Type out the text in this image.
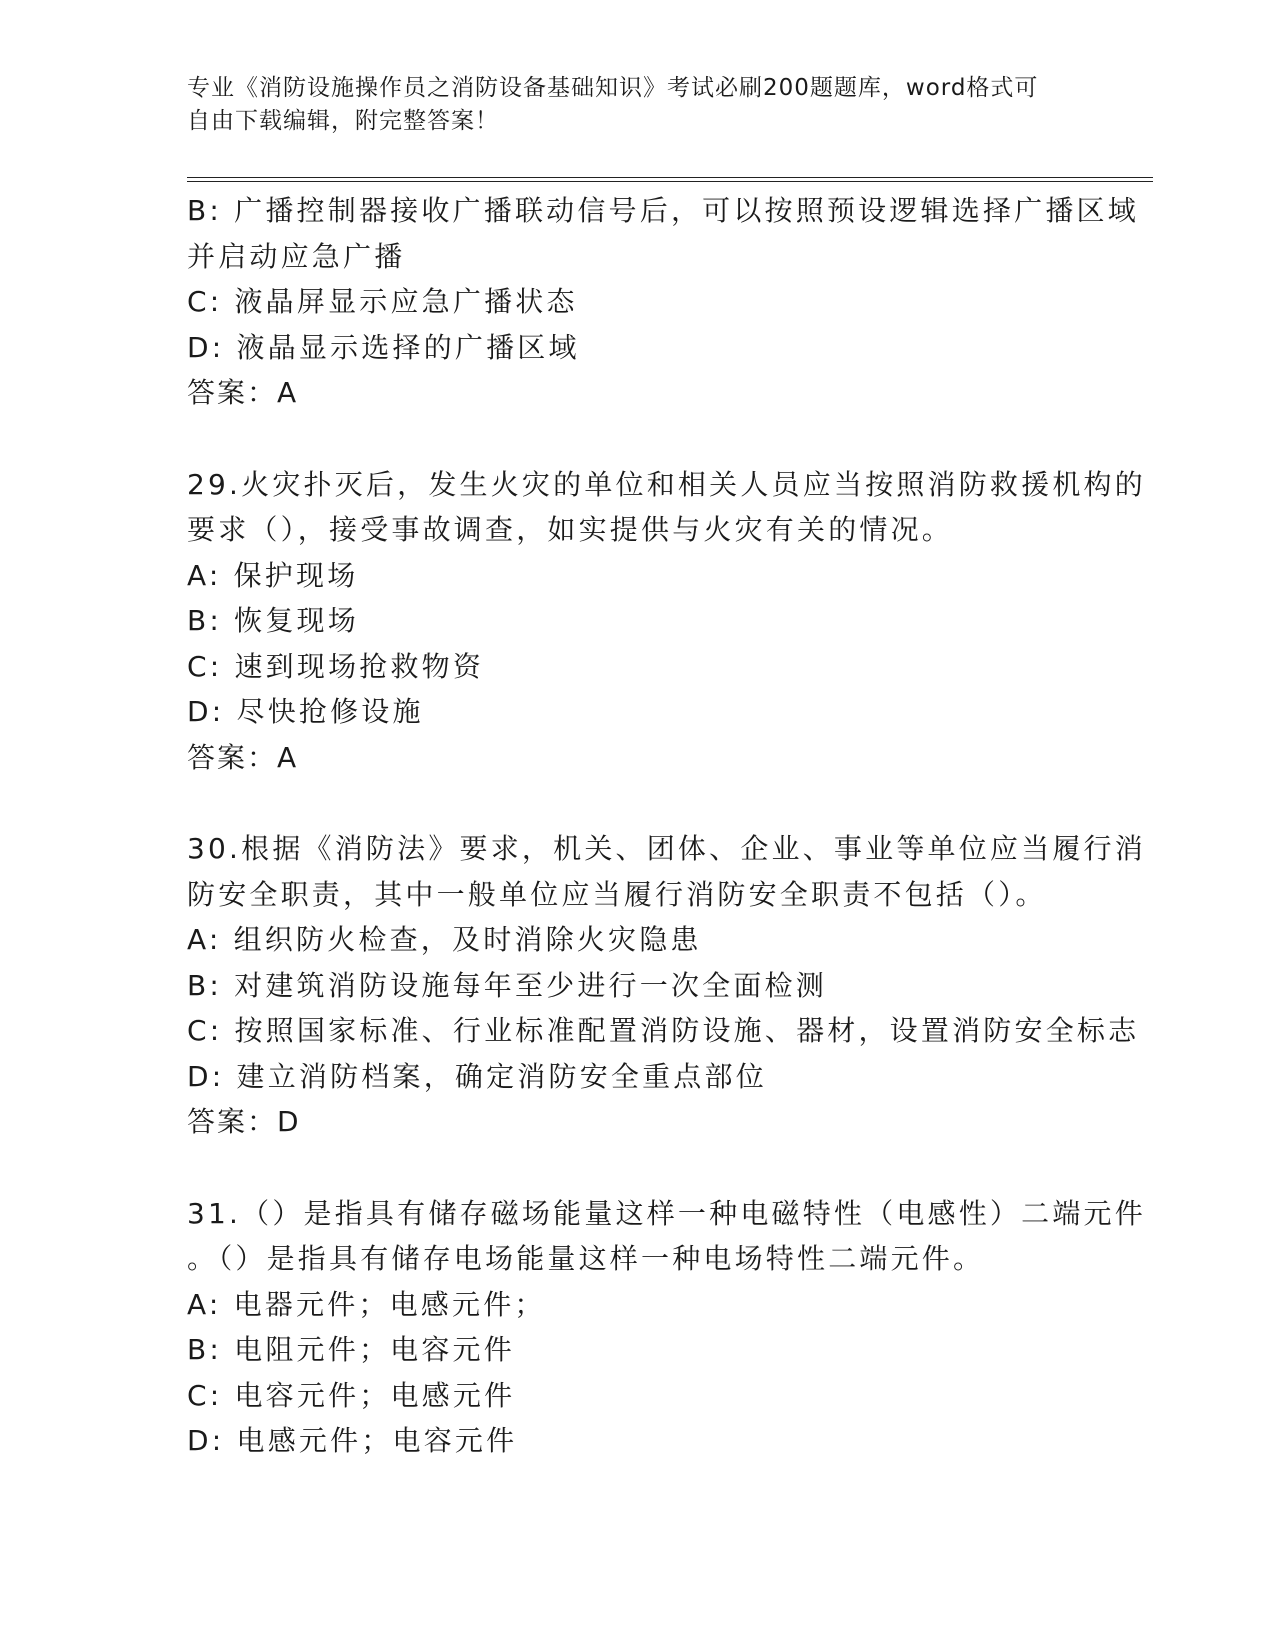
专业《消防设施操作员之消防设备基础知识》考试必刷200题题库，word格式可
自由下载编辑，附完整答案！
B: 广播控制器接收广播联动信号后，可以按照预设逻辑选择广播区域
并启动应急广播
C: 液晶屏显示应急广播状态
D: 液晶显示选择的广播区域
答案：A
29.火灾扑灭后，发生火灾的单位和相关人员应当按照消防救援机构的
要求（），接受事故调查，如实提供与火灾有关的情况。
A: 保护现场
B: 恢复现场
C: 速到现场抢救物资
D: 尽快抢修设施
答案：A
30.根据《消防法》要求，机关、团体、企业、事业等单位应当履行消
防安全职责，其中一般单位应当履行消防安全职责不包括（）。
A: 组织防火检查，及时消除火灾隐患
B: 对建筑消防设施每年至少进行一次全面检测
C: 按照国家标准、行业标准配置消防设施、器材，设置消防安全标志
D: 建立消防档案，确定消防安全重点部位
答案：D
31.（）是指具有储存磁场能量这样一种电磁特性（电感性）二端元件
。（）是指具有储存电场能量这样一种电场特性二端元件。
A: 电器元件；电感元件；
B: 电阻元件；电容元件
C: 电容元件；电感元件
D: 电感元件；电容元件
